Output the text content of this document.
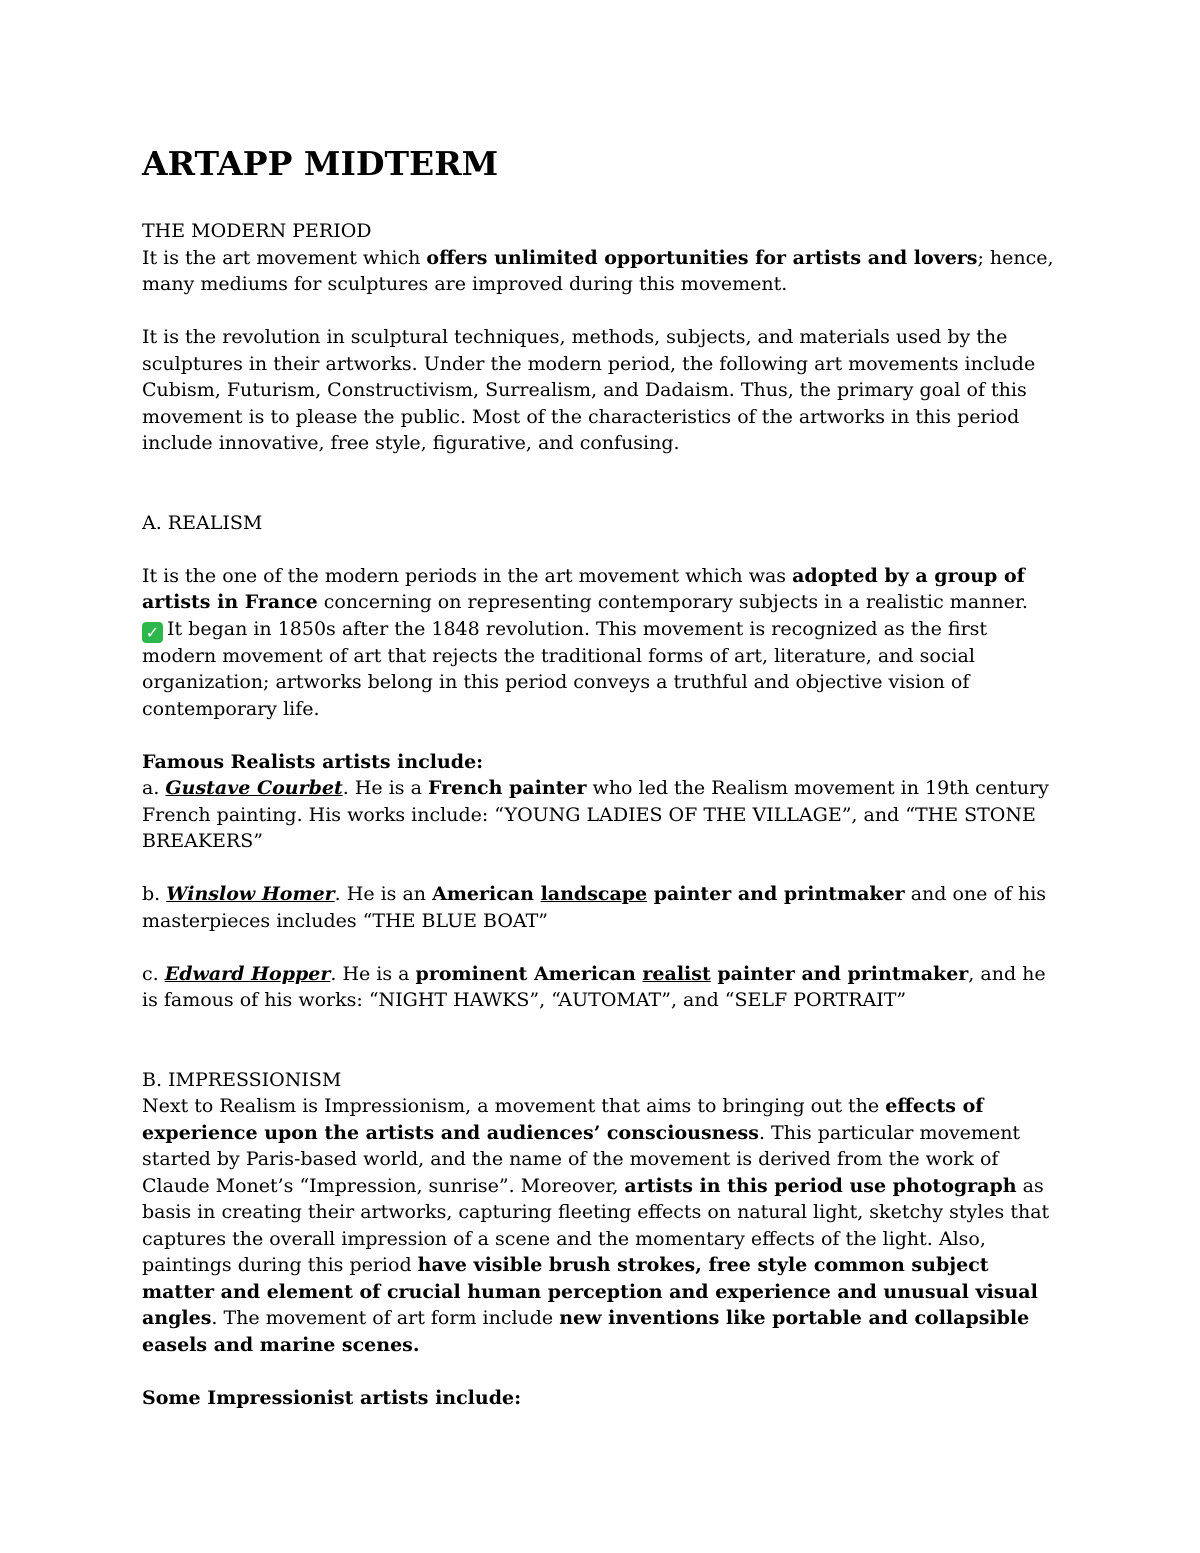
ARTAPP MIDTERM

THE MODERN PERIOD

It is the art movement which offers unlimited opportunities for artists and lovers; hence, many mediums for sculptures are improved during this movement.

It is the revolution in sculptural techniques, methods, subjects, and materials used by the sculptures in their artworks. Under the modern period, the following art movements include Cubism, Futurism, Constructivism, Surrealism, and Dadaism. Thus, the primary goal of this movement is to please the public. Most of the characteristics of the artworks in this period include innovative, free style, figurative, and confusing.

A. REALISM

It is the one of the modern periods in the art movement which was adopted by a group of artists in France concerning on representing contemporary subjects in a realistic manner. ✓ It began in 1850s after the 1848 revolution. This movement is recognized as the first modern movement of art that rejects the traditional forms of art, literature, and social organization; artworks belong in this period conveys a truthful and objective vision of contemporary life.

Famous Realists artists include:

a. Gustave Courbet. He is a French painter who led the Realism movement in 19th century French painting. His works include: “YOUNG LADIES OF THE VILLAGE”, and “THE STONE BREAKERS”

b. Winslow Homer. He is an American landscape painter and printmaker and one of his masterpieces includes “THE BLUE BOAT”

c. Edward Hopper. He is a prominent American realist painter and printmaker, and he is famous of his works: “NIGHT HAWKS”, “AUTOMAT”, and “SELF PORTRAIT”

B. IMPRESSIONISM

Next to Realism is Impressionism, a movement that aims to bringing out the effects of experience upon the artists and audiences’ consciousness. This particular movement started by Paris-based world, and the name of the movement is derived from the work of Claude Monet’s “Impression, sunrise”. Moreover, artists in this period use photograph as basis in creating their artworks, capturing fleeting effects on natural light, sketchy styles that captures the overall impression of a scene and the momentary effects of the light. Also, paintings during this period have visible brush strokes, free style common subject matter and element of crucial human perception and experience and unusual visual angles. The movement of art form include new inventions like portable and collapsible easels and marine scenes.

Some Impressionist artists include:
